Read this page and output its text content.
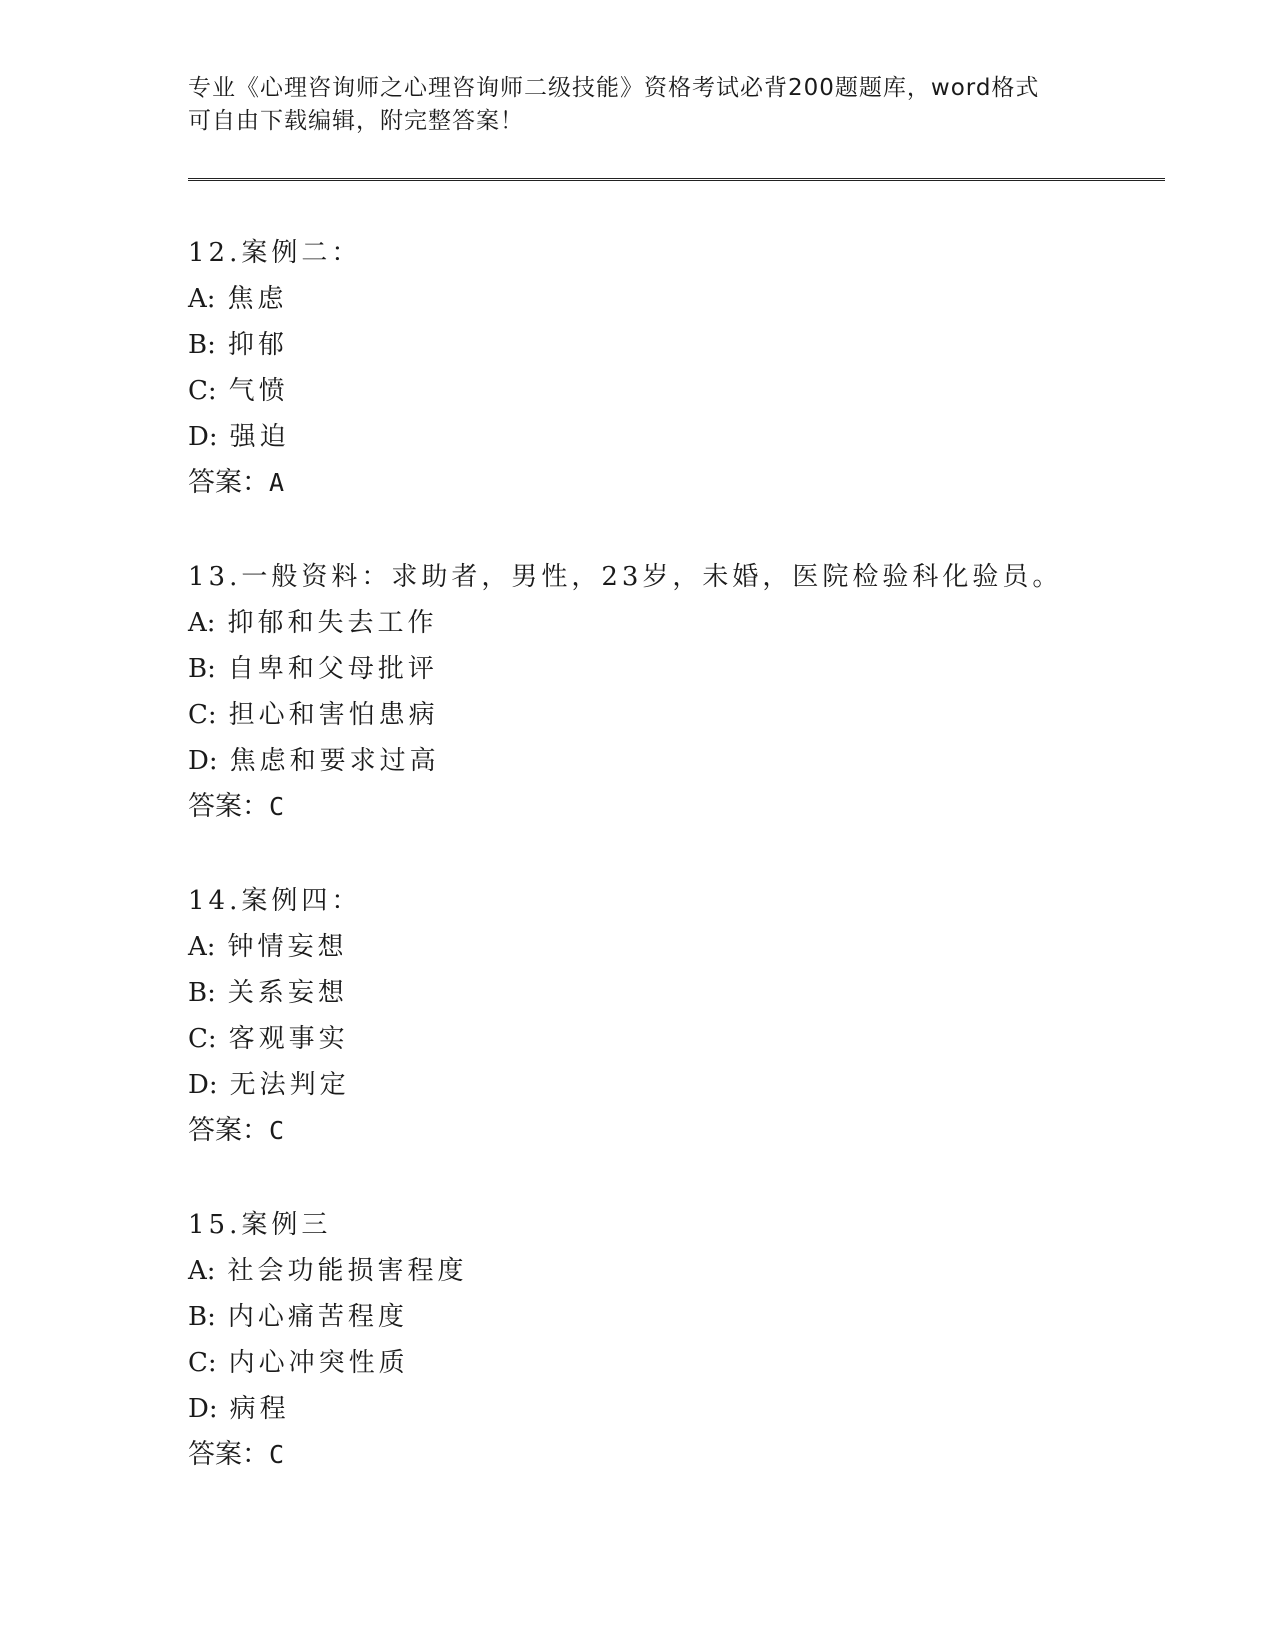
专业《心理咨询师之心理咨询师二级技能》资格考试必背200题题库，word格式
可自由下载编辑，附完整答案！
12.案例二：
A: 焦虑
B: 抑郁
C: 气愤
D: 强迫
答案：A
13.一般资料：求助者，男性，23岁，未婚，医院检验科化验员。
A: 抑郁和失去工作
B: 自卑和父母批评
C: 担心和害怕患病
D: 焦虑和要求过高
答案：C
14.案例四：
A: 钟情妄想
B: 关系妄想
C: 客观事实
D: 无法判定
答案：C
15.案例三
A: 社会功能损害程度
B: 内心痛苦程度
C: 内心冲突性质
D: 病程
答案：C
